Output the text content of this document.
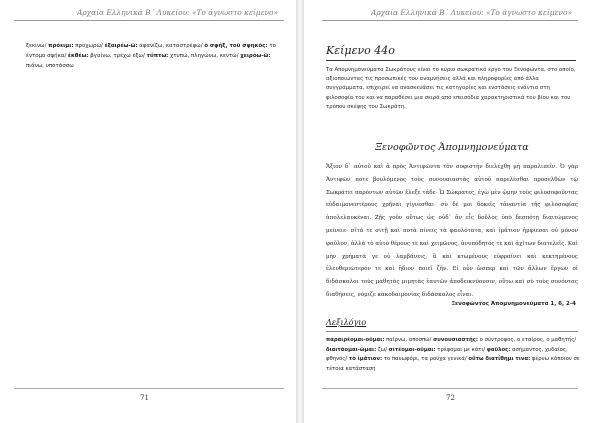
Αρχαία Ελληνικά Β΄ Λυκείου: «Το άγνωστο κείμενο»
ξεκινώ/ πρόειμι: προχωρώ/ ἐξαιρέω-ῶ: αφανίζω, καταστρέφω/ ὁ σφήξ, τοῦ σφηκός: το έντομο σφήκα/ ἐκθέω: βγαίνω, τρέχω έξω/ τύπτω: χτυπώ, πληγώνω, κεντώ/ χειρόω-ῶ: πιάνω, υποτάσσω
71
Αρχαία Ελληνικά Β΄ Λυκείου: «Το άγνωστο κείμενο»
Κείμενο 44ο
Τα Απομνημονεύματα Σωκράτους είναι το κύριο σωκρατικό έργο του Ξενοφώντα, στο οποίο, αξιοποιώντας τις προσωπικές του αναμνήσεις αλλά και πληροφορίες από άλλα συγγράμματα, επιχειρεί να ανασκευάσει τις κατηγορίες και ενστάσεις ενάντια στη φιλοσοφία του και να παραθέσει μια σειρά από επεισόδια χαρακτηριστικά του βίου και του τρόπου σκέψης του Σωκράτη.
Ξενοφῶντος Ἀπομνημονεύματα
Ἄξιον δ᾽ αὐτοῦ καὶ ἃ πρὸς Ἀντιφῶντα τὸν σοφιστὴν διελέχθη μὴ παραλιπεῖν. Ὁ γὰρ Ἀντιφῶν ποτε βουλόμενος τοὺς συνουσιαστὰς αὐτοῦ παρελέσθαι προσελθὼν τῷ Σωκράτει παρόντων αὐτῶν ἔλεξε τάδε· Ὦ Σώκρατες, ἐγὼ μὲν ᾤμην τοὺς φιλοσοφοῦντας εὐδαιμονεστέρους χρῆναι γίγνεσθαι· σὺ δέ μοι δοκεῖς τἀναντία τῆς φιλοσοφίας ἀπολελαυκέναι. Ζῇς γοῦν οὕτως ὡς οὐδ᾽ ἂν εἷς δοῦλος ὑπὸ δεσπότῃ διαιτώμενος μείνειε· σῖτά τε σιτῇ καὶ ποτὰ πίνεις τὰ φαυλότατα, καὶ ἱμάτιον ἠμφίεσαι οὐ μόνον φαῦλον, ἀλλὰ τὸ αὐτὸ θέρους τε καὶ χειμῶνος, ἀνυπόδητός τε καὶ ἀχίτων διατελεῖς. Καὶ μὴν χρήματά γε οὐ λαμβάνεις, ἃ καὶ κτωμένους εὐφραίνει καὶ κεκτημένους ἐλευθεριώτερόν τε καὶ ἥδιον ποιεῖ ζῆν. Εἰ οὖν ὥσπερ καὶ τῶν ἄλλων ἔργων οἱ διδάσκαλοι τοὺς μαθητὰς μιμητὰς ἑαυτῶν ἀποδεικνύουσιν, οὕτω καὶ σὺ τοὺς συνόντας διαθήσεις, νόμιζε κακοδαιμονίας διδάσκαλος εἶναι.
Ξενοφῶντος Ἀπομνημονεύματα 1, 6, 2-4
Λεξιλόγιο
παραιρέομαι-οῦμαι: παίρνω, αποσπώ/ συνουσιαστής: ο σύντροφος, ο εταίρος, ο μαθητής/ διαιτάομαι-ῶμαι: ζω/ σιτέομαι-οῦμαι: τρέφομαι με κάτι/ φαῦλος: ασήμαντος, χυδαίος, φθηνός/ τὸ ἱμάτιον: το πανωφόρι, τα ρούχα γενικά/ οὕτω διατίθημι τινα: φέρνω κάποιον σε τέτοια κατάσταση
72
